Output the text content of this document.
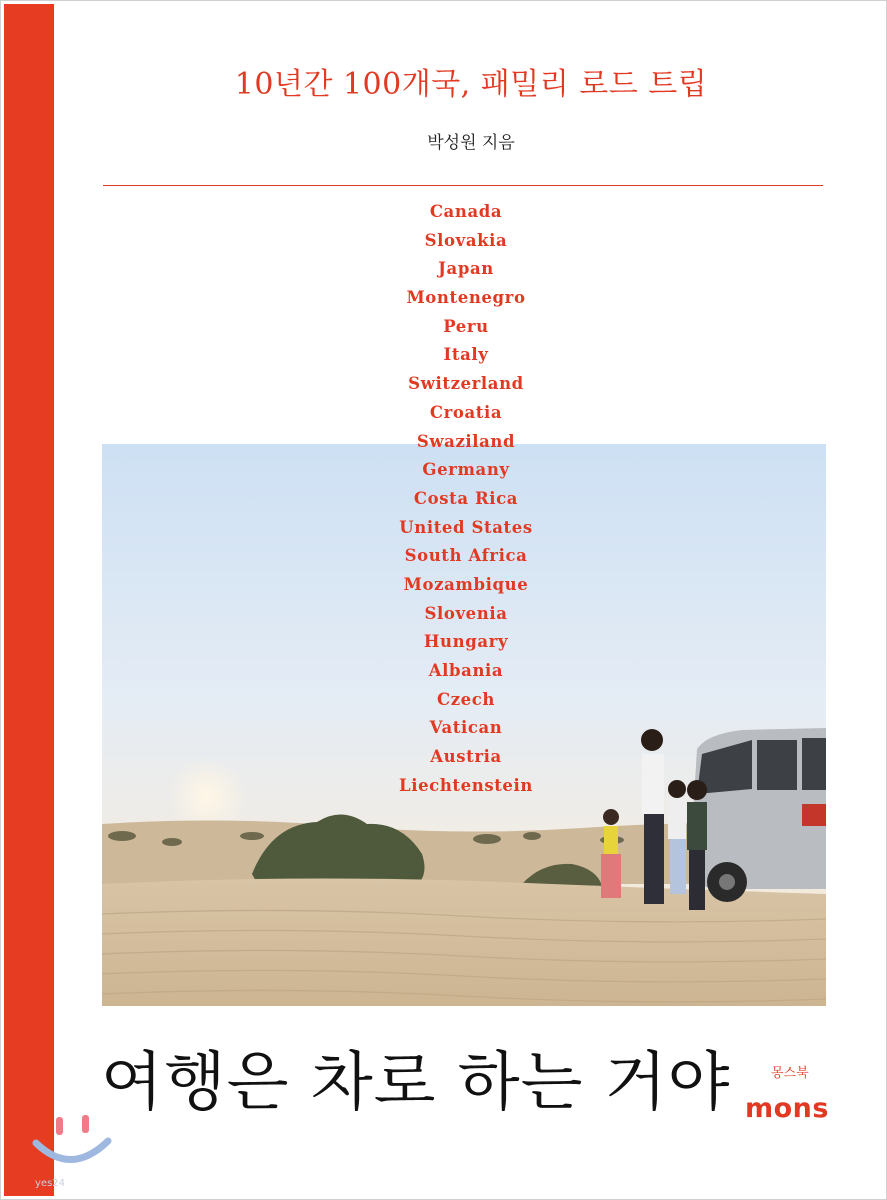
10년간 100개국, 패밀리 로드 트립
박성원 지음
Canada
Slovakia
Japan
Montenegro
Peru
Italy
Switzerland
Croatia
Swaziland
Germany
Costa Rica
United States
South Africa
Mozambique
Slovenia
Hungary
Albania
Czech
Vatican
Austria
Liechtenstein
여행은 차로 하는 거야	몽스북
mons
yes24
